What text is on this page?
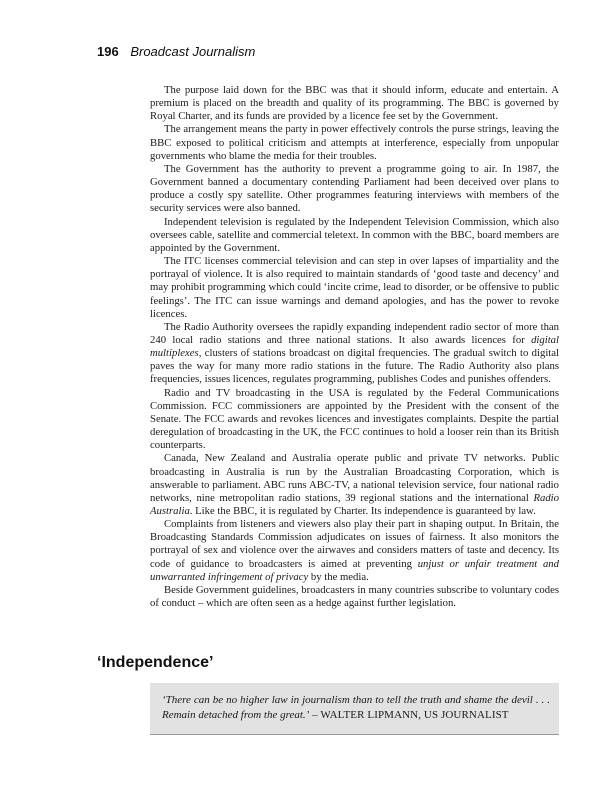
196 Broadcast Journalism

The purpose laid down for the BBC was that it should inform, educate and entertain. A premium is placed on the breadth and quality of its programming. The BBC is governed by Royal Charter, and its funds are provided by a licence fee set by the Government.

The arrangement means the party in power effectively controls the purse strings, leaving the BBC exposed to political criticism and attempts at interference, especially from unpopular governments who blame the media for their troubles.

The Government has the authority to prevent a programme going to air. In 1987, the Government banned a documentary contending Parliament had been deceived over plans to produce a costly spy satellite. Other programmes featuring interviews with members of the security services were also banned.

Independent television is regulated by the Independent Television Commission, which also oversees cable, satellite and commercial teletext. In common with the BBC, board members are appointed by the Government.

The ITC licenses commercial television and can step in over lapses of impartiality and the portrayal of violence. It is also required to maintain standards of ‘good taste and decency’ and may prohibit programming which could ‘incite crime, lead to disorder, or be offensive to public feelings’. The ITC can issue warnings and demand apologies, and has the power to revoke licences.

The Radio Authority oversees the rapidly expanding independent radio sector of more than 240 local radio stations and three national stations. It also awards licences for digital multiplexes, clusters of stations broadcast on digital frequencies. The gradual switch to digital paves the way for many more radio stations in the future. The Radio Authority also plans frequencies, issues licences, regulates programming, publishes Codes and punishes offenders.

Radio and TV broadcasting in the USA is regulated by the Federal Communications Commission. FCC commissioners are appointed by the President with the consent of the Senate. The FCC awards and revokes licences and investigates complaints. Despite the partial deregulation of broadcasting in the UK, the FCC continues to hold a looser rein than its British counterparts.

Canada, New Zealand and Australia operate public and private TV networks. Public broadcasting in Australia is run by the Australian Broadcasting Corporation, which is answerable to parliament. ABC runs ABC-TV, a national television service, four national radio networks, nine metropolitan radio stations, 39 regional stations and the international Radio Australia. Like the BBC, it is regulated by Charter. Its independence is guaranteed by law.

Complaints from listeners and viewers also play their part in shaping output. In Britain, the Broadcasting Standards Commission adjudicates on issues of fairness. It also monitors the portrayal of sex and violence over the airwaves and considers matters of taste and decency. Its code of guidance to broadcasters is aimed at preventing unjust or unfair treatment and unwarranted infringement of privacy by the media.

Beside Government guidelines, broadcasters in many countries subscribe to voluntary codes of conduct – which are often seen as a hedge against further legislation.

‘Independence’
‘There can be no higher law in journalism than to tell the truth and shame the devil . . . Remain detached from the great.’ – WALTER LIPMANN, US JOURNALIST
